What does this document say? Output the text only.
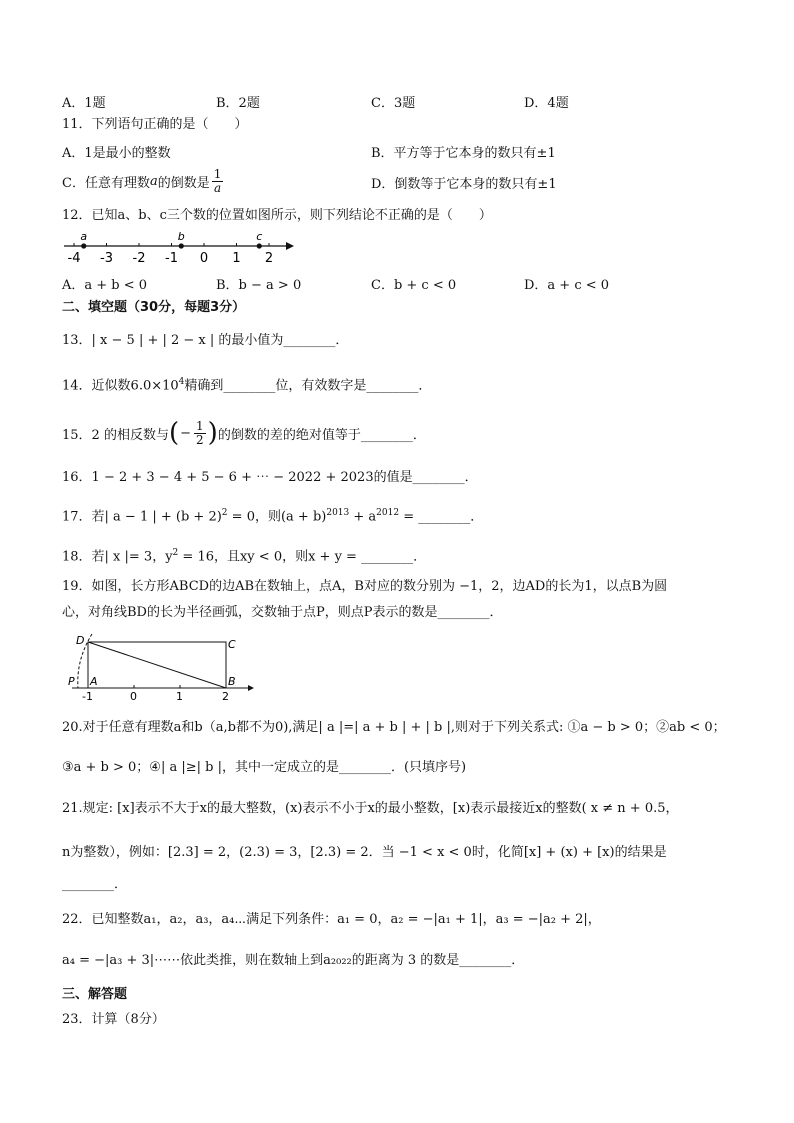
A．1题	B．2题	C．3题	D．4题
11．下列语句正确的是（　　）
A．1是最小的整数	B．平方等于它本身的数只有±1
C．任意有理数 a 的倒数是 $\frac{1}{a}$	D．倒数等于它本身的数只有±1
12．已知a、b、c三个数的位置如图所示，则下列结论不正确的是（　　）
-4 -3 -2 -1 0 1 2
a	b	c
A．a + b < 0	B．b − a > 0	C．b + c < 0	D．a + c < 0
二、填空题（30分，每题3分）
13．| x − 5 | + | 2 − x | 的最小值为________．
14．近似数$6.0\times 10^4$精确到________位，有效数字是________．
15．2 的相反数与 ( − $\frac{1}{2}$ ) 的倒数的差的绝对值等于________．
16．1 − 2 + 3 − 4 + 5 − 6 + ⋯ − 2022 + 2023的值是________．
17．若| a − 1 | + $(b + 2)^2 = 0$，则$(a + b)^{2013} + a^{2012}$ = ________．
18．若| x |= 3，$y^2 = 16$，且xy < 0，则x + y = ________．
19．如图，长方形ABCD的边AB在数轴上，点A，B对应的数分别为 −1，2，边AD的长为1，以点B为圆
心，对角线BD的长为半径画弧，交数轴于点P，则点P表示的数是________．
D	C
P A	B
-1	0	1	2
20.对于任意有理数a和b（a,b都不为0),满足| a |=| a + b | + | b |,则对于下列关系式: ①a − b > 0；②ab < 0；
③a + b > 0；④| a |≥| b |，其中一定成立的是________．(只填序号)
21.规定: [x]表示不大于x的最大整数，(x)表示不小于x的最小整数，[x)表示最接近x的整数( x ≠ n + 0.5，
n为整数），例如：[2.3] = 2，(2.3) = 3，[2.3) = 2．当 −1 < x < 0时，化简[x] + (x) + [x)的结果是
________．
22．已知整数a₁，a₂，a₃，a₄⋯满足下列条件：a₁ = 0，a₂ = −|a₁ + 1|，a₃ = −|a₂ + 2|，
a₄ = −|a₃ + 3|⋯⋯依此类推，则在数轴上到a₂₀₂₂的距离为 3 的数是________．
三、解答题
23．计算（8分）
